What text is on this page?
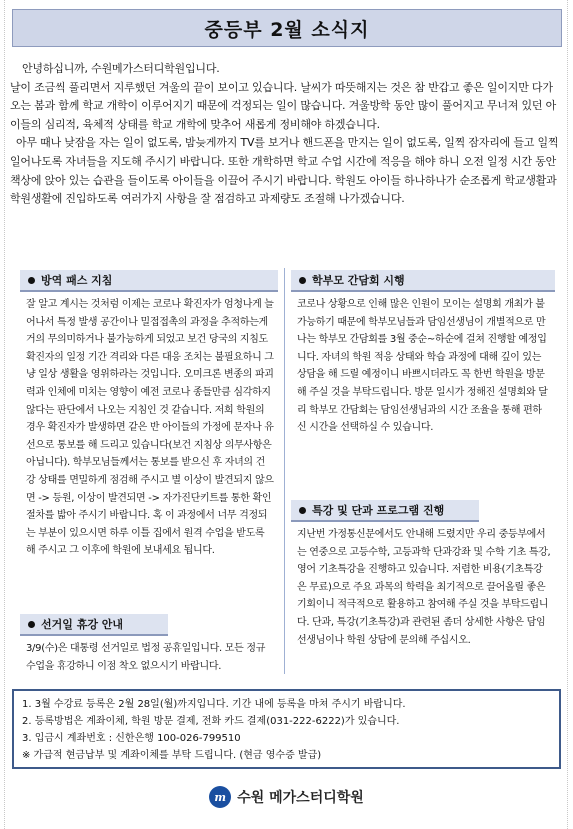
중등부 2월 소식지

안녕하십니까, 수원메가스터디학원입니다.

날이 조금씩 풀리면서 지루했던 겨울의 끝이 보이고 있습니다. 날씨가 따뜻해지는 것은 참 반갑고 좋은 일이지만 다가오는 봄과 함께 학교 개학이 이루어지기 때문에 걱정되는 일이 많습니다. 겨울방학 동안 많이 풀어지고 무너져 있던 아이들의 심리적, 육체적 상태를 학교 개학에 맞추어 새롭게 정비해야 하겠습니다.

아무 때나 낮잠을 자는 일이 없도록, 밤늦게까지 TV를 보거나 핸드폰을 만지는 일이 없도록, 일찍 잠자리에 들고 일찍 일어나도록 자녀들을 지도해 주시기 바랍니다. 또한 개학하면 학교 수업 시간에 적응을 해야 하니 오전 일정 시간 동안 책상에 앉아 있는 습관을 들이도록 아이들을 이끌어 주시기 바랍니다. 학원도 아이들 하나하나가 순조롭게 학교생활과 학원생활에 진입하도록 여러가지 사항을 잘 점검하고 과제량도 조절해 나가겠습니다.

방역 패스 지침

잘 알고 계시는 것처럼 이제는 코로나 확진자가 엄청나게 늘어나서 특정 발생 공간이나 밀접접촉의 과정을 추적하는게 거의 무의미하거나 불가능하게 되었고 보건 당국의 지침도 확진자의 일정 기간 격리와 다른 대응 조치는 불필요하니 그냥 일상 생활을 영위하라는 것입니다. 오미크론 변종의 파괴력과 인체에 미치는 영향이 예전 코로나 종들만큼 심각하지 않다는 판단에서 나오는 지침인 것 같습니다. 저희 학원의 경우 확진자가 발생하면 같은 반 아이들의 가정에 문자나 유선으로 통보를 해 드리고 있습니다(보건 지침상 의무사항은 아닙니다). 학부모님들께서는 통보를 받으신 후 자녀의 건강 상태를 면밀하게 점검해 주시고 별 이상이 발견되지 않으면 -> 등원, 이상이 발견되면 -> 자가진단키트를 통한 확인 절차를 밟아 주시기 바랍니다. 혹 이 과정에서 너무 걱정되는 부분이 있으시면 하루 이틀 집에서 원격 수업을 받도록 해 주시고 그 이후에 학원에 보내세요 됩니다.

선거일 휴강 안내

3/9(수)은 대통령 선거일로 법정 공휴일입니다. 모든 정규수업을 휴강하니 이점 착오 없으시기 바랍니다.

학부모 간담회 시행

코로나 상황으로 인해 많은 인원이 모이는 설명회 개최가 불가능하기 때문에 학부모님들과 담임선생님이 개별적으로 만나는 학부모 간담회를 3월 중순~하순에 걸쳐 진행할 예정입니다. 자녀의 학원 적응 상태와 학습 과정에 대해 깊이 있는 상담을 해 드릴 예정이니 바쁘시더라도 꼭 한번 학원을 방문해 주실 것을 부탁드립니다. 방문 일시가 정해진 설명회와 달리 학부모 간담회는 담임선생님과의 시간 조율을 통해 편하신 시간을 선택하실 수 있습니다.

특강 및 단과 프로그램 진행

지난번 가정통신문에서도 안내해 드렸지만 우리 중등부에서는 연중으로 고등수학, 고등과학 단과강좌 및 수학 기초 특강, 영어 기초특강을 진행하고 있습니다. 저렴한 비용(기초특강은 무료)으로 주요 과목의 학력을 최기적으로 끌어올릴 좋은 기회이니 적극적으로 활용하고 참여해 주실 것을 부탁드립니다. 단과, 특강(기초특강)과 관련된 좀더 상세한 사항은 담임 선생님이나 학원 상담에 문의해 주십시오.

1. 3월 수강료 등록은 2월 28일(월)까지입니다. 기간 내에 등록을 마쳐 주시기 바랍니다.
2. 등록방법은 계좌이체, 학원 방문 결제, 전화 카드 결제(031-222-6222)가 있습니다.
3. 입금시 계좌번호 : 신한은행 100-026-799510
※ 가급적 현금납부 및 계좌이체를 부탁 드립니다. (현금 영수증 발급)
m 수원 메가스터디학원
